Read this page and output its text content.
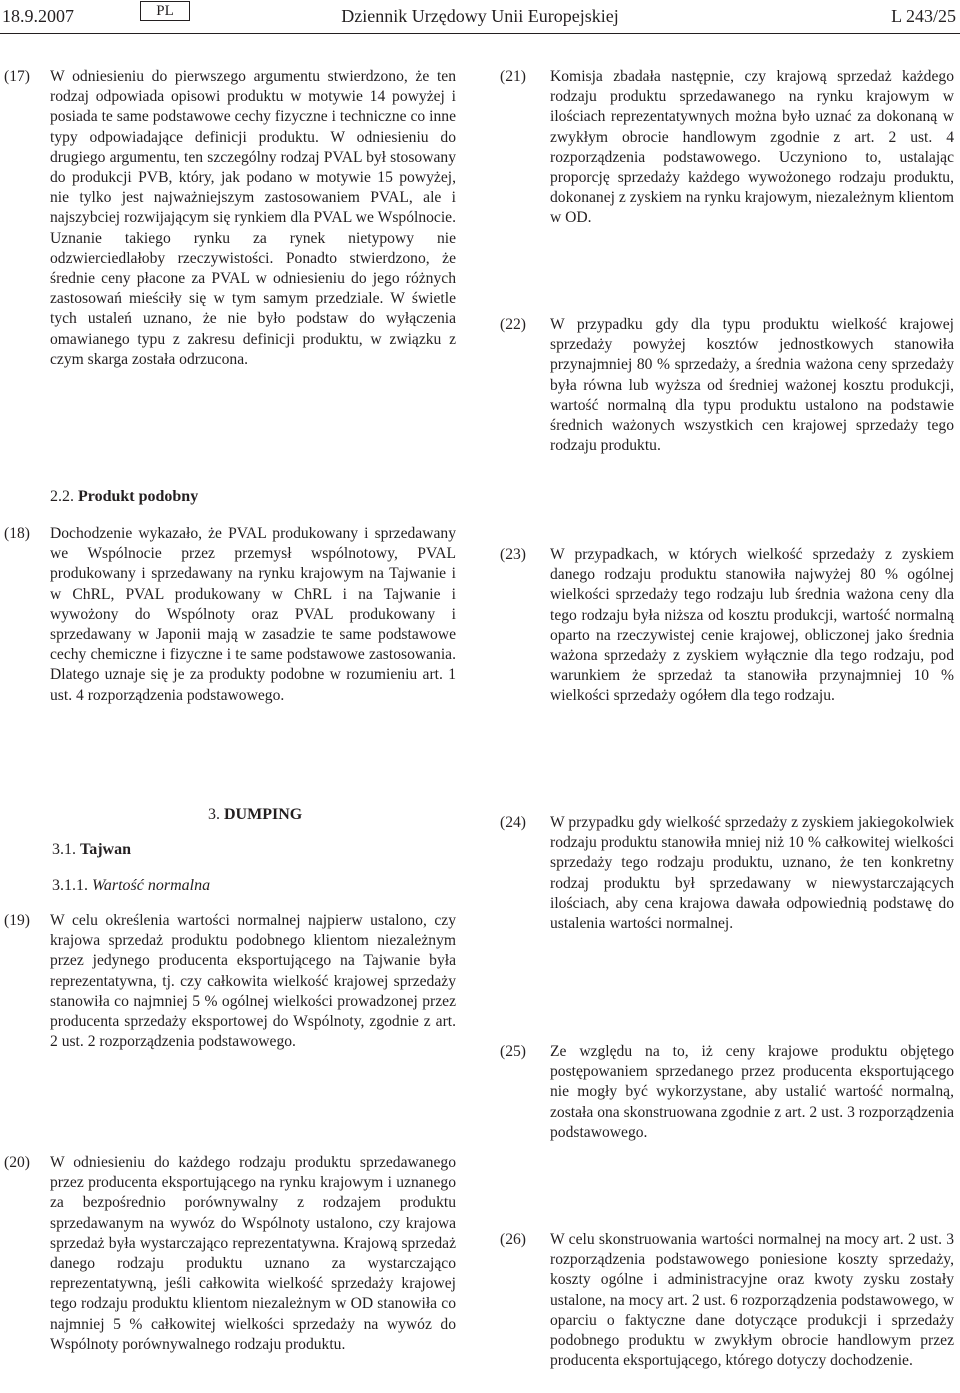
18.9.2007	PL	Dziennik Urzędowy Unii Europejskiej	L 243/25
(17) W odniesieniu do pierwszego argumentu stwierdzono, że ten rodzaj odpowiada opisowi produktu w motywie 14 powyżej i posiada te same podstawowe cechy fizyczne i techniczne co inne typy odpowiadające definicji produktu. W odniesieniu do drugiego argumentu, ten szczególny rodzaj PVAL był stosowany do produkcji PVB, który, jak podano w motywie 15 powyżej, nie tylko jest najważniejszym zastosowaniem PVAL, ale i najszybciej rozwijającym się rynkiem dla PVAL we Wspólnocie. Uznanie takiego rynku za rynek nietypowy nie odzwierciedlałoby rzeczywistości. Ponadto stwierdzono, że średnie ceny płacone za PVAL w odniesieniu do jego różnych zastosowań mieściły się w tym samym przedziale. W świetle tych ustaleń uznano, że nie było podstaw do wyłączenia omawianego typu z zakresu definicji produktu, w związku z czym skarga została odrzucona.
2.2. Produkt podobny
(18) Dochodzenie wykazało, że PVAL produkowany i sprzedawany we Wspólnocie przez przemysł wspólnotowy, PVAL produkowany i sprzedawany na rynku krajowym na Tajwanie i w ChRL, PVAL produkowany w ChRL i na Tajwanie i wywożony do Wspólnoty oraz PVAL produkowany i sprzedawany w Japonii mają w zasadzie te same podstawowe cechy chemiczne i fizyczne i te same podstawowe zastosowania. Dlatego uznaje się je za produkty podobne w rozumieniu art. 1 ust. 4 rozporządzenia podstawowego.
3. DUMPING
3.1. Tajwan
3.1.1. Wartość normalna
(19) W celu określenia wartości normalnej najpierw ustalono, czy krajowa sprzedaż produktu podobnego klientom niezależnym przez jedynego producenta eksportującego na Tajwanie była reprezentatywna, tj. czy całkowita wielkość krajowej sprzedaży stanowiła co najmniej 5 % ogólnej wielkości prowadzonej przez producenta sprzedaży eksportowej do Wspólnoty, zgodnie z art. 2 ust. 2 rozporządzenia podstawowego.
(20) W odniesieniu do każdego rodzaju produktu sprzedawanego przez producenta eksportującego na rynku krajowym i uznanego za bezpośrednio porównywalny z rodzajem produktu sprzedawanym na wywóz do Wspólnoty ustalono, czy krajowa sprzedaż była wystarczająco reprezentatywna. Krajową sprzedaż danego rodzaju produktu uznano za wystarczająco reprezentatywną, jeśli całkowita wielkość sprzedaży krajowej tego rodzaju produktu klientom niezależnym w OD stanowiła co najmniej 5 % całkowitej wielkości sprzedaży na wywóz do Wspólnoty porównywalnego rodzaju produktu.
(21) Komisja zbadała następnie, czy krajową sprzedaż każdego rodzaju produktu sprzedawanego na rynku krajowym w ilościach reprezentatywnych można było uznać za dokonaną w zwykłym obrocie handlowym zgodnie z art. 2 ust. 4 rozporządzenia podstawowego. Uczyniono to, ustalając proporcję sprzedaży każdego wywożonego rodzaju produktu, dokonanej z zyskiem na rynku krajowym, niezależnym klientom w OD.
(22) W przypadku gdy dla typu produktu wielkość krajowej sprzedaży powyżej kosztów jednostkowych stanowiła przynajmniej 80 % sprzedaży, a średnia ważona ceny sprzedaży była równa lub wyższa od średniej ważonej kosztu produkcji, wartość normalną dla typu produktu ustalono na podstawie średnich ważonych wszystkich cen krajowej sprzedaży tego rodzaju produktu.
(23) W przypadkach, w których wielkość sprzedaży z zyskiem danego rodzaju produktu stanowiła najwyżej 80 % ogólnej wielkości sprzedaży tego rodzaju lub średnia ważona ceny dla tego rodzaju była niższa od kosztu produkcji, wartość normalną oparto na rzeczywistej cenie krajowej, obliczonej jako średnia ważona sprzedaży z zyskiem wyłącznie dla tego rodzaju, pod warunkiem że sprzedaż ta stanowiła przynajmniej 10 % wielkości sprzedaży ogółem dla tego rodzaju.
(24) W przypadku gdy wielkość sprzedaży z zyskiem jakiegokolwiek rodzaju produktu stanowiła mniej niż 10 % całkowitej wielkości sprzedaży tego rodzaju produktu, uznano, że ten konkretny rodzaj produktu był sprzedawany w niewystarczających ilościach, aby cena krajowa dawała odpowiednią podstawę do ustalenia wartości normalnej.
(25) Ze względu na to, iż ceny krajowe produktu objętego postępowaniem sprzedanego przez producenta eksportującego nie mogły być wykorzystane, aby ustalić wartość normalną, została ona skonstruowana zgodnie z art. 2 ust. 3 rozporządzenia podstawowego.
(26) W celu skonstruowania wartości normalnej na mocy art. 2 ust. 3 rozporządzenia podstawowego poniesione koszty sprzedaży, koszty ogólne i administracyjne oraz kwoty zysku zostały ustalone, na mocy art. 2 ust. 6 rozporządzenia podstawowego, w oparciu o faktyczne dane dotyczące produkcji i sprzedaży podobnego produktu w zwykłym obrocie handlowym przez producenta eksportującego, którego dotyczy dochodzenie.
